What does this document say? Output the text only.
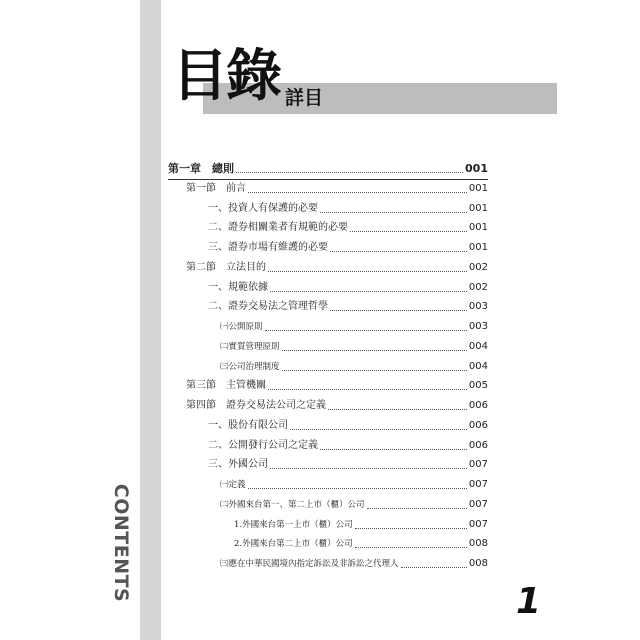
目錄 詳目
第一章　總則	001
第一節　前言	001
一、投資人有保護的必要	001
二、證券相關業者有規範的必要	001
三、證券市場有維護的必要	001
第二節　立法目的	002
一、規範依據	002
二、證券交易法之管理哲學	003
㈠公開原則	003
㈡實質管理原則	004
㈢公司治理制度	004
第三節　主管機關	005
第四節　證券交易法公司之定義	006
一、股份有限公司	006
二、公開發行公司之定義	006
三、外國公司	007
㈠定義	007
㈡外國來台第一、第二上市（櫃）公司	007
1.外國來台第一上市（櫃）公司	007
2.外國來台第二上市（櫃）公司	008
㈢應在中華民國境內指定訴訟及非訴訟之代理人	008
CONTENTS	1
